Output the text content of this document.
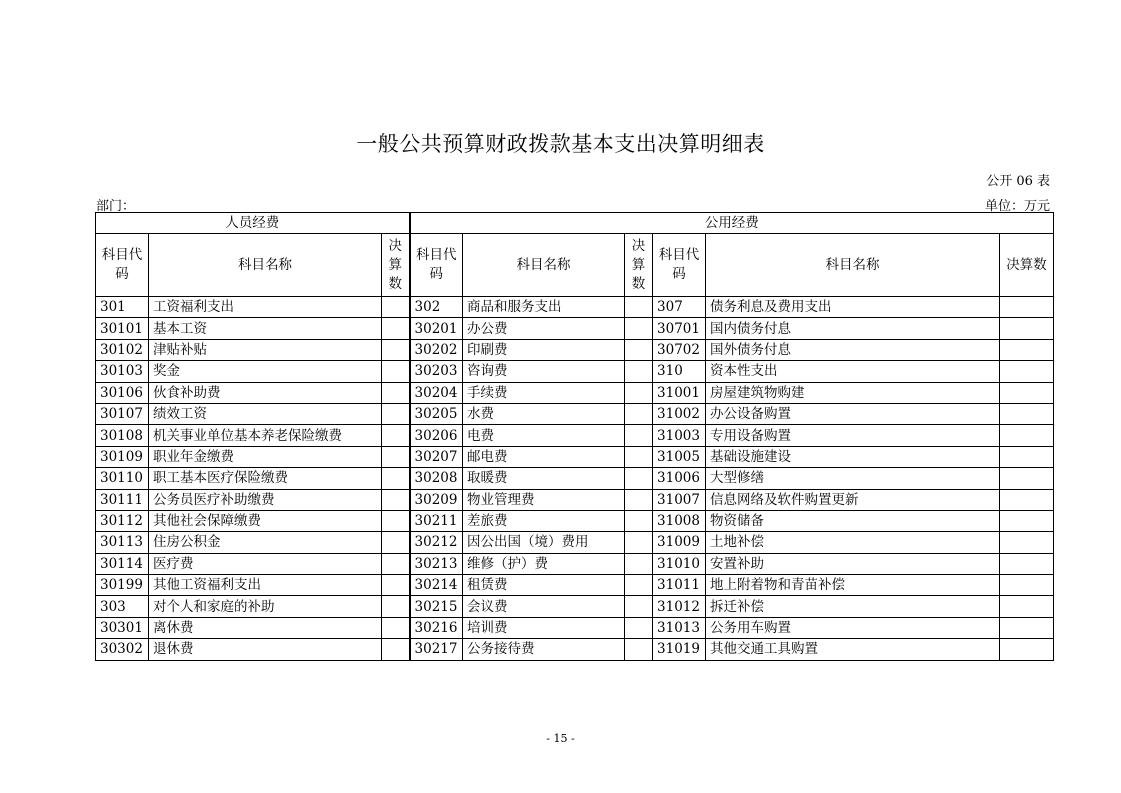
一般公共预算财政拨款基本支出决算明细表
公开 06 表
部门：	单位：万元
人员经费			公用经费					
科目代码	科目名称	决算数	科目代码	科目名称	决算数	科目代码	科目名称	决算数
301	工资福利支出		302	商品和服务支出		307	债务利息及费用支出	
30101	基本工资		30201	办公费		30701	国内债务付息	
30102	津贴补贴		30202	印刷费		30702	国外债务付息	
30103	奖金		30203	咨询费		310	资本性支出	
30106	伙食补助费		30204	手续费		31001	房屋建筑物购建	
30107	绩效工资		30205	水费		31002	办公设备购置	
30108	机关事业单位基本养老保险缴费		30206	电费		31003	专用设备购置	
30109	职业年金缴费		30207	邮电费		31005	基础设施建设	
30110	职工基本医疗保险缴费		30208	取暖费		31006	大型修缮	
30111	公务员医疗补助缴费		30209	物业管理费		31007	信息网络及软件购置更新	
30112	其他社会保障缴费		30211	差旅费		31008	物资储备	
30113	住房公积金		30212	因公出国（境）费用		31009	土地补偿	
30114	医疗费		30213	维修（护）费		31010	安置补助	
30199	其他工资福利支出		30214	租赁费		31011	地上附着物和青苗补偿	
303	对个人和家庭的补助		30215	会议费		31012	拆迁补偿	
30301	离休费		30216	培训费		31013	公务用车购置	
30302	退休费		30217	公务接待费		31019	其他交通工具购置	
- 15 -
